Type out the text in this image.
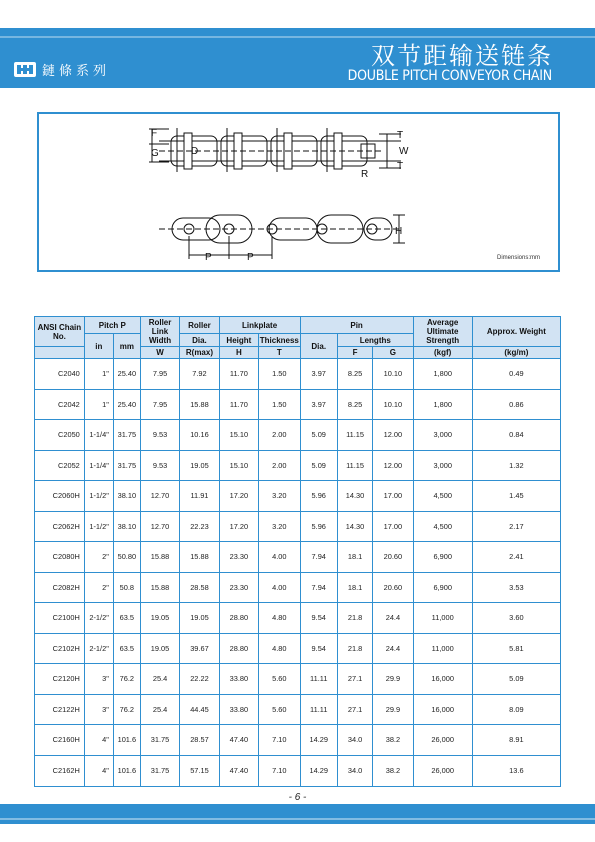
鏈條系列
双节距输送链条
DOUBLE PITCH CONVEYOR CHAIN
F
G	D
T
W
T
R
H
P	P	Dimensions:mm
ANSI Chain No.	Pitch P		Roller Link Width	Roller	Linkplate		Pin			Average Ultimate Strength	Approx. Weight
	in	mm		Dia.	Height	Thickness	Dia.	Lengths			
			W	R(max)	H	T		F	G	(kgf)	(kg/m)
C2040	1"	25.40	7.95	7.92	11.70	1.50	3.97	8.25	10.10	1,800	0.49
C2042	1"	25.40	7.95	15.88	11.70	1.50	3.97	8.25	10.10	1,800	0.86
C2050	1-1/4"	31.75	9.53	10.16	15.10	2.00	5.09	11.15	12.00	3,000	0.84
C2052	1-1/4"	31.75	9.53	19.05	15.10	2.00	5.09	11.15	12.00	3,000	1.32
C2060H	1-1/2"	38.10	12.70	11.91	17.20	3.20	5.96	14.30	17.00	4,500	1.45
C2062H	1-1/2"	38.10	12.70	22.23	17.20	3.20	5.96	14.30	17.00	4,500	2.17
C2080H	2"	50.80	15.88	15.88	23.30	4.00	7.94	18.1	20.60	6,900	2.41
C2082H	2"	50.8	15.88	28.58	23.30	4.00	7.94	18.1	20.60	6,900	3.53
C2100H	2-1/2"	63.5	19.05	19.05	28.80	4.80	9.54	21.8	24.4	11,000	3.60
C2102H	2-1/2"	63.5	19.05	39.67	28.80	4.80	9.54	21.8	24.4	11,000	5.81
C2120H	3"	76.2	25.4	22.22	33.80	5.60	11.11	27.1	29.9	16,000	5.09
C2122H	3"	76.2	25.4	44.45	33.80	5.60	11.11	27.1	29.9	16,000	8.09
C2160H	4"	101.6	31.75	28.57	47.40	7.10	14.29	34.0	38.2	26,000	8.91
C2162H	4"	101.6	31.75	57.15	47.40	7.10	14.29	34.0	38.2	26,000	13.6
- 6 -
